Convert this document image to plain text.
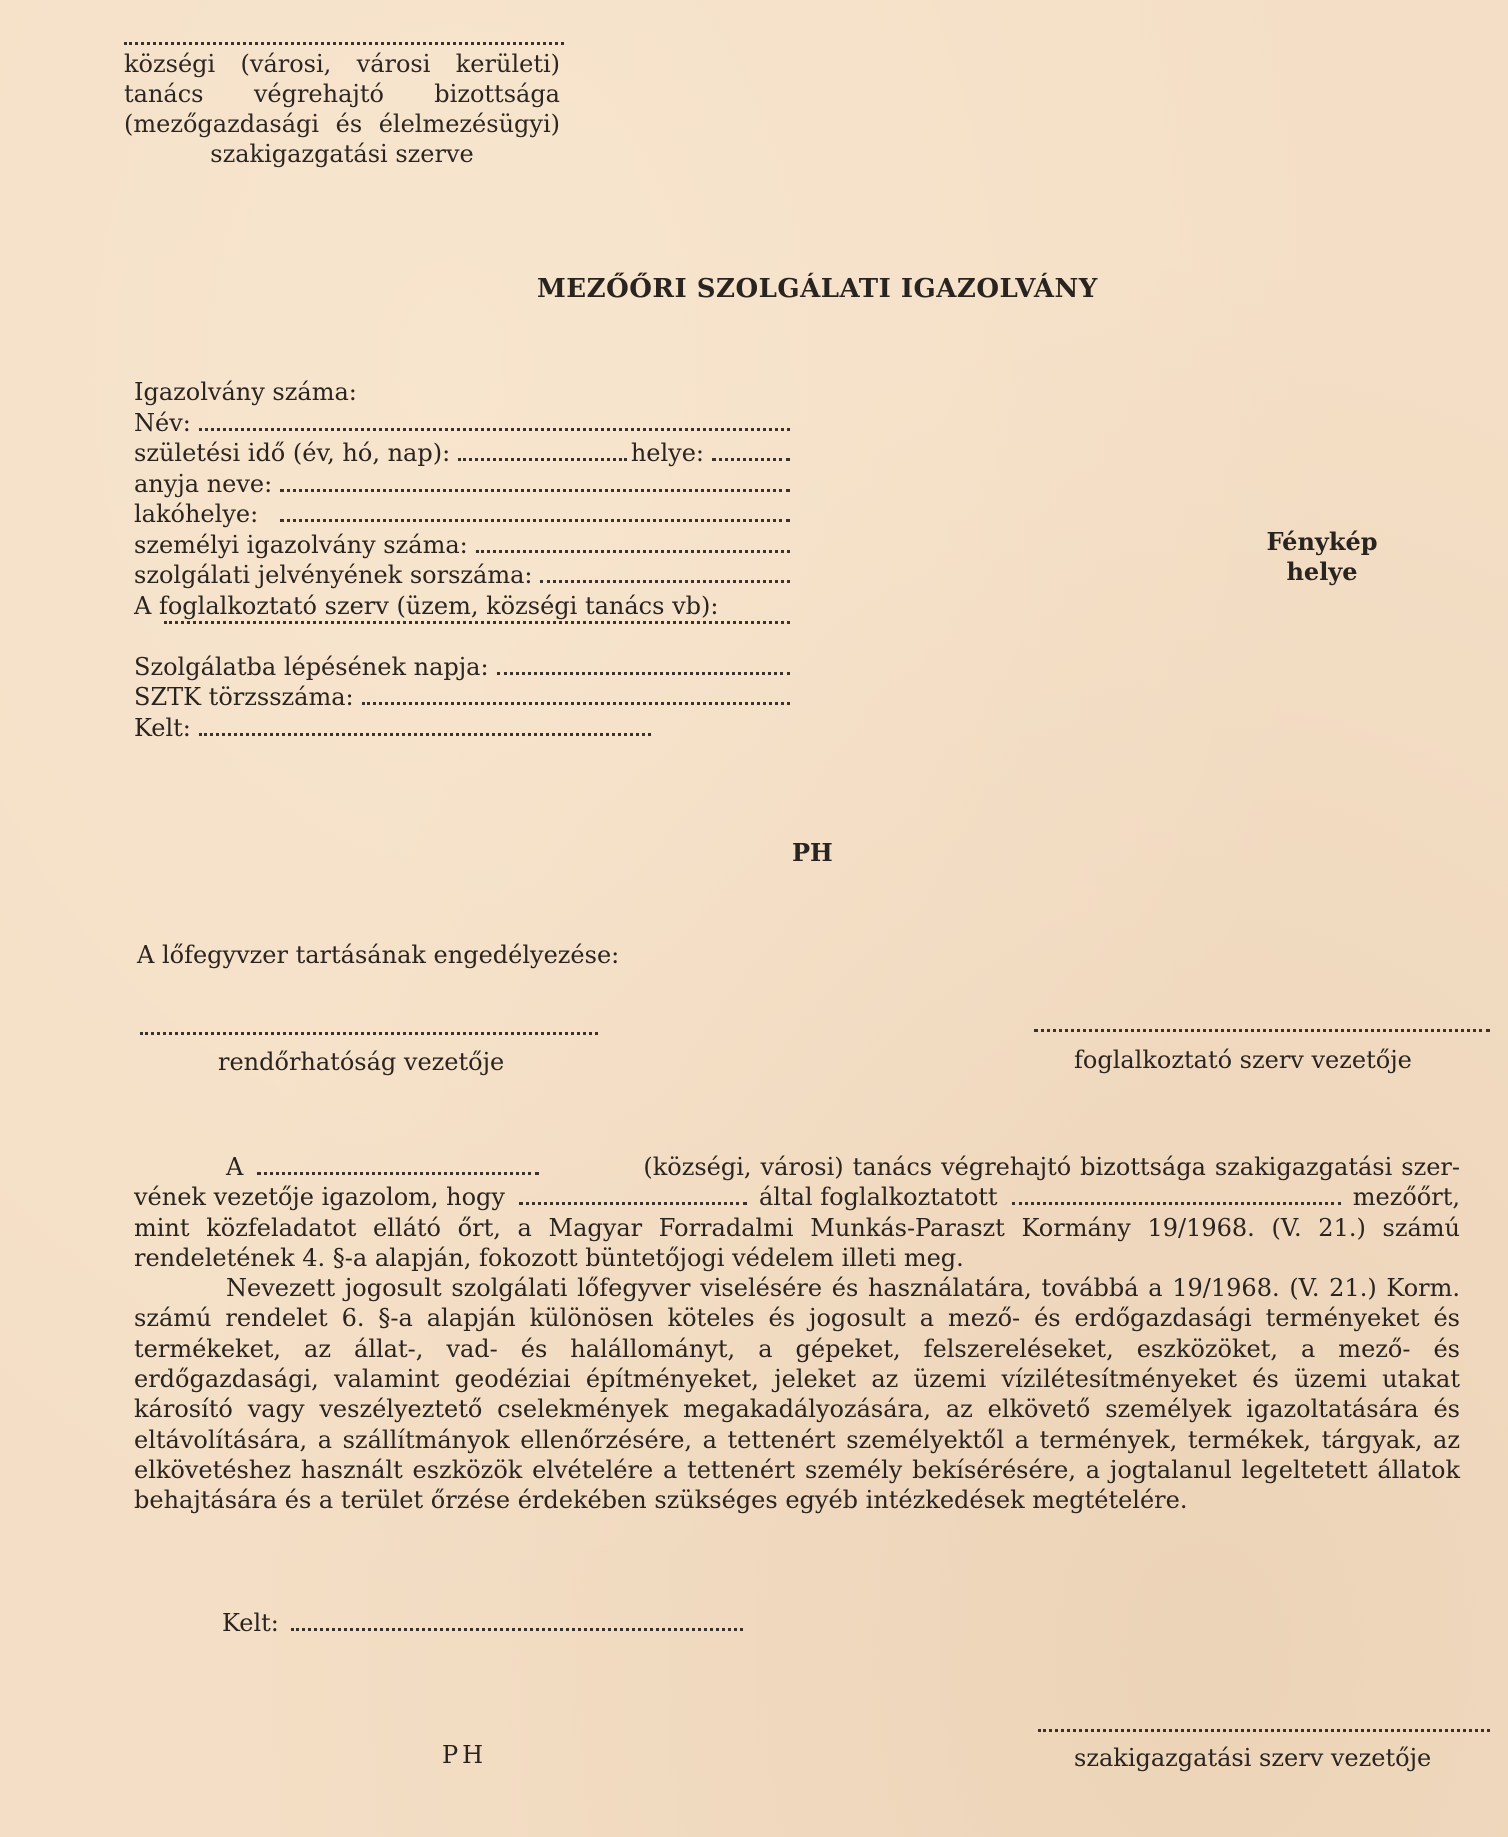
községi (városi, városi kerületi)
tanács végrehajtó bizottsága
(mezőgazdasági és élelmezésügyi)
szakigazgatási szerve
MEZŐŐRI SZOLGÁLATI IGAZOLVÁNY
Igazolvány száma:
Név:
születési idő (év, hó, nap):	helye:
anyja neve:
lakóhelye:
személyi igazolvány száma:
szolgálati jelvényének sorszáma:
A foglalkoztató szerv (üzem, községi tanács vb):
Szolgálatba lépésének napja:
SZTK törzsszáma:
Kelt:
Fénykép
helye
PH
A lőfegyvzer tartásának engedélyezése:
rendőrhatóság vezetője	foglalkoztató szerv vezetője

A	(községi, városi) tanács végrehajtó bizottsága szakigazgatási szer-

vének vezetője igazolom, hogy	által foglalkoztatott	mezőőrt,

mint közfeladatot ellátó őrt, a Magyar Forradalmi Munkás-Paraszt Kormány 19/1968. (V. 21.) számú rendeletének 4. §-a alapján, fokozott büntetőjogi védelem illeti meg.

Nevezett jogosult szolgálati lőfegyver viselésére és használatára, továbbá a 19/1968. (V. 21.) Korm. számú rendelet 6. §-a alapján különösen köteles és jogosult a mező- és erdőgazdasági terményeket és termékeket, az állat-, vad- és halállományt, a gépeket, felszereléseket, eszközöket, a mező- és erdőgazdasági, valamint geodéziai építményeket, jeleket az üzemi vízilétesítményeket és üzemi utakat károsító vagy veszélyeztető cselekmények megakadályozására, az elkövető személyek igazoltatására és eltávolítására, a szállítmányok ellenőrzésére, a tettenért személyektől a termények, termékek, tárgyak, az elkövetéshez használt eszközök elvételére a tettenért személy bekísérésére, a jogtalanul legeltetett állatok behajtására és a terület őrzése érdekében szükséges egyéb intézkedések megtételére.

Kelt:
PH	szakigazgatási szerv vezetője
